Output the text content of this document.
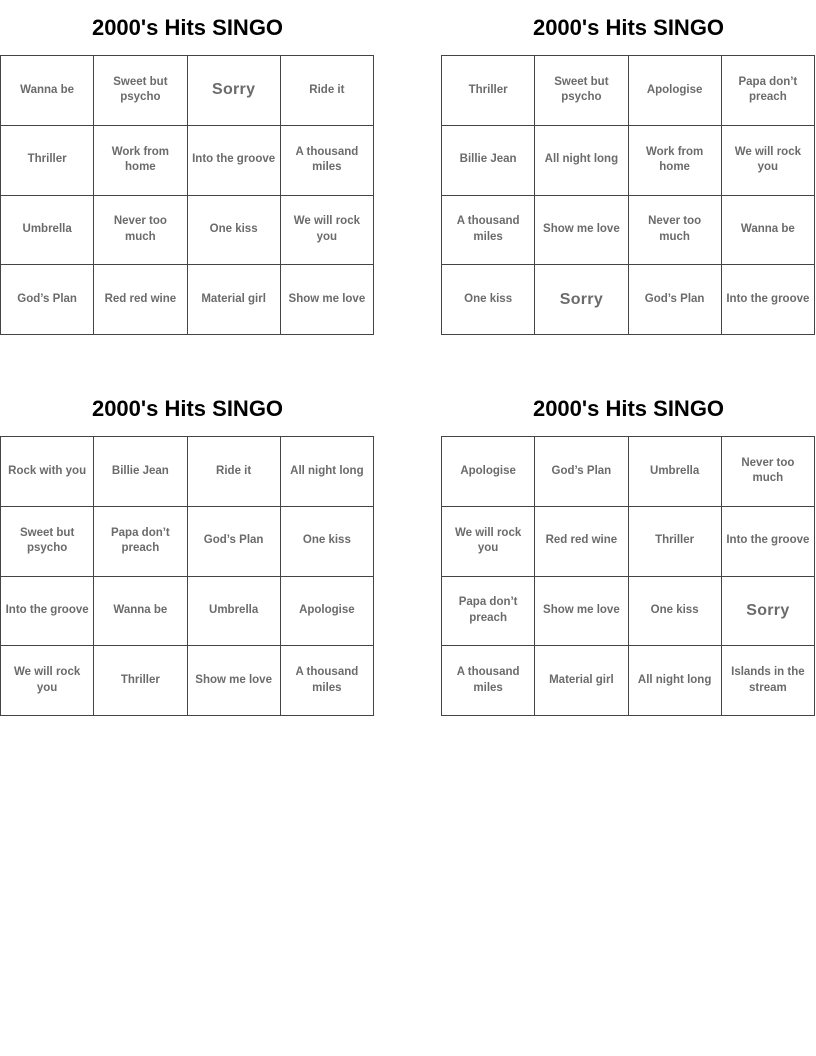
2000's Hits SINGO
Wanna be	Sweet but psycho	Sorry	Ride it
Thriller	Work from home	Into the groove	A thousand miles
Umbrella	Never too much	One kiss	We will rock you
God’s Plan	Red red wine	Material girl	Show me love
2000's Hits SINGO
Thriller	Sweet but psycho	Apologise	Papa don’t preach
Billie Jean	All night long	Work from home	We will rock you
A thousand miles	Show me love	Never too much	Wanna be
One kiss	Sorry	God’s Plan	Into the groove
2000's Hits SINGO
Rock with you	Billie Jean	Ride it	All night long
Sweet but psycho	Papa don’t preach	God’s Plan	One kiss
Into the groove	Wanna be	Umbrella	Apologise
We will rock you	Thriller	Show me love	A thousand miles
2000's Hits SINGO
Apologise	God’s Plan	Umbrella	Never too much
We will rock you	Red red wine	Thriller	Into the groove
Papa don’t preach	Show me love	One kiss	Sorry
A thousand miles	Material girl	All night long	Islands in the stream
